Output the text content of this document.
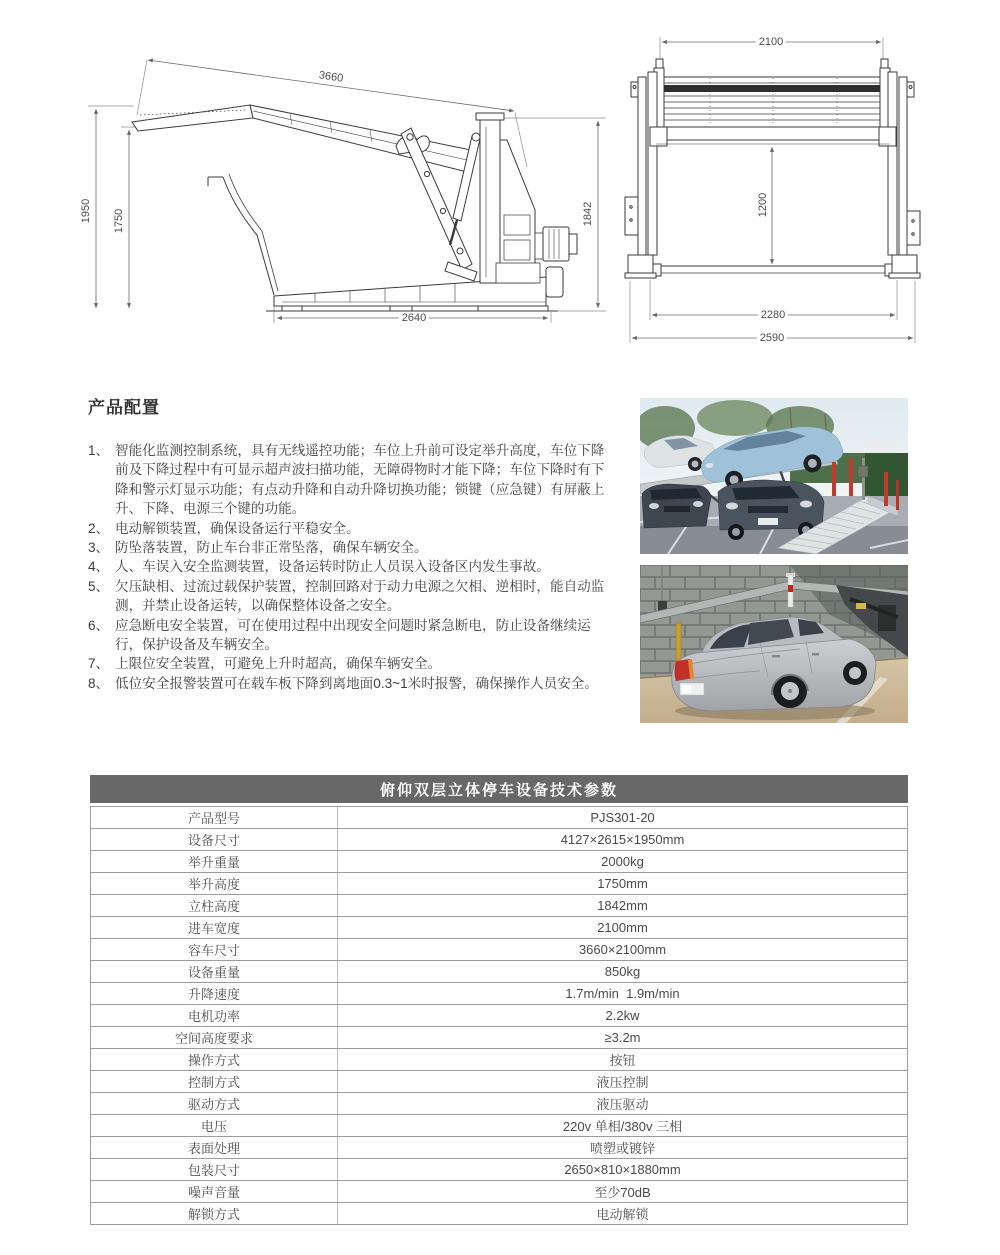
3660
1950 1750	1842
2640
2100
1200
2280
2590
产品配置
1、 智能化监测控制系统，具有无线遥控功能；车位上升前可设定举升高度，车位下降前及下降过程中有可显示超声波扫描功能，无障碍物时才能下降；车位下降时有下降和警示灯显示功能；有点动升降和自动升降切换功能；锁键（应急键）有屏蔽上升、下降、电源三个键的功能。
2、 电动解锁装置，确保设备运行平稳安全。
3、 防坠落装置，防止车台非正常坠落，确保车辆安全。
4、 人、车误入安全监测装置，设备运转时防止人员误入设备区内发生事故。
5、 欠压缺相、过流过载保护装置，控制回路对于动力电源之欠相、逆相时，能自动监测，并禁止设备运转，以确保整体设备之安全。
6、 应急断电安全装置，可在使用过程中出现安全问题时紧急断电，防止设备继续运行，保护设备及车辆安全。
7、 上限位安全装置，可避免上升时超高，确保车辆安全。
8、 低位安全报警装置可在载车板下降到离地面0.3~1米时报警，确保操作人员安全。
俯仰双层立体停车设备技术参数
产品型号	PJS301-20
设备尺寸	4127×2615×1950mm
举升重量	2000kg
举升高度	1750mm
立柱高度	1842mm
进车宽度	2100mm
容车尺寸	3660×2100mm
设备重量	850kg
升降速度	1.7m/min  1.9m/min
电机功率	2.2kw
空间高度要求	≥3.2m
操作方式	按钮
控制方式	液压控制
驱动方式	液压驱动
电压	220v 单相/380v 三相
表面处理	喷塑或镀锌
包装尺寸	2650×810×1880mm
噪声音量	至少70dB
解锁方式	电动解锁
